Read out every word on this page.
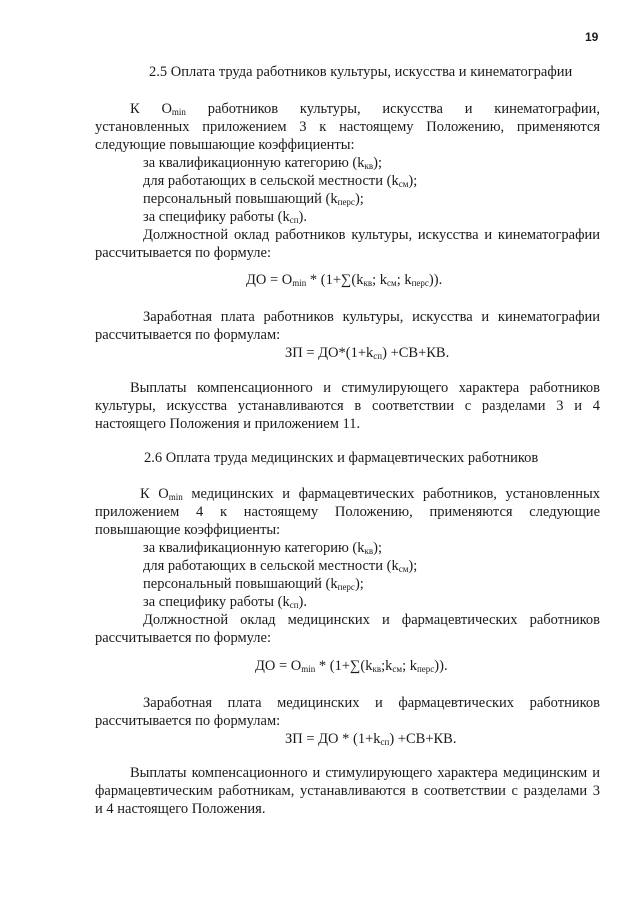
19
2.5 Оплата труда работников культуры, искусства и кинематографии
К $О_{min}$ работников культуры, искусства и кинематографии,
установленных приложением 3 к настоящему Положению, применяются
следующие повышающие коэффициенты:
за квалификационную категорию $(k_{кв})$;
для работающих в сельской местности $(k_{см})$;
персональный повышающий $(k_{перс})$;
за специфику работы $(k_{сп})$.
Должностной оклад работников культуры, искусства и кинематографии
рассчитывается по формуле:
ДО = $О_{min} * (1+\sum(k_{кв}$; $k_{см}$; $k_{перс}$)).
Заработная плата работников культуры, искусства и кинематографии
рассчитывается по формулам:
ЗП = $ДО*(1+k_{сп}) +СВ+КВ$.
Выплаты компенсационного и стимулирующего характера работников
культуры, искусства устанавливаются в соответствии с разделами 3 и 4
настоящего Положения и приложением 11.
2.6 Оплата труда медицинских и фармацевтических работников
К $О_{min}$ медицинских и фармацевтических работников, установленных
приложением 4 к настоящему Положению, применяются следующие
повышающие коэффициенты:
за квалификационную категорию $(k_{кв})$;
для работающих в сельской местности $(k_{см})$;
персональный повышающий $(k_{перс})$;
за специфику работы $(k_{сп})$.
Должностной оклад медицинских и фармацевтических работников
рассчитывается по формуле:
ДО = $О_{min}$ * ($1+\sum(k_{кв};k_{см}$; $k_{перс}$)).
Заработная плата медицинских и фармацевтических работников
рассчитывается по формулам:
ЗП = ДО * $(1+k_{сп}) +СВ+КВ$.
Выплаты компенсационного и стимулирующего характера медицинским и
фармацевтическим работникам, устанавливаются в соответствии с разделами 3
и 4 настоящего Положения.
